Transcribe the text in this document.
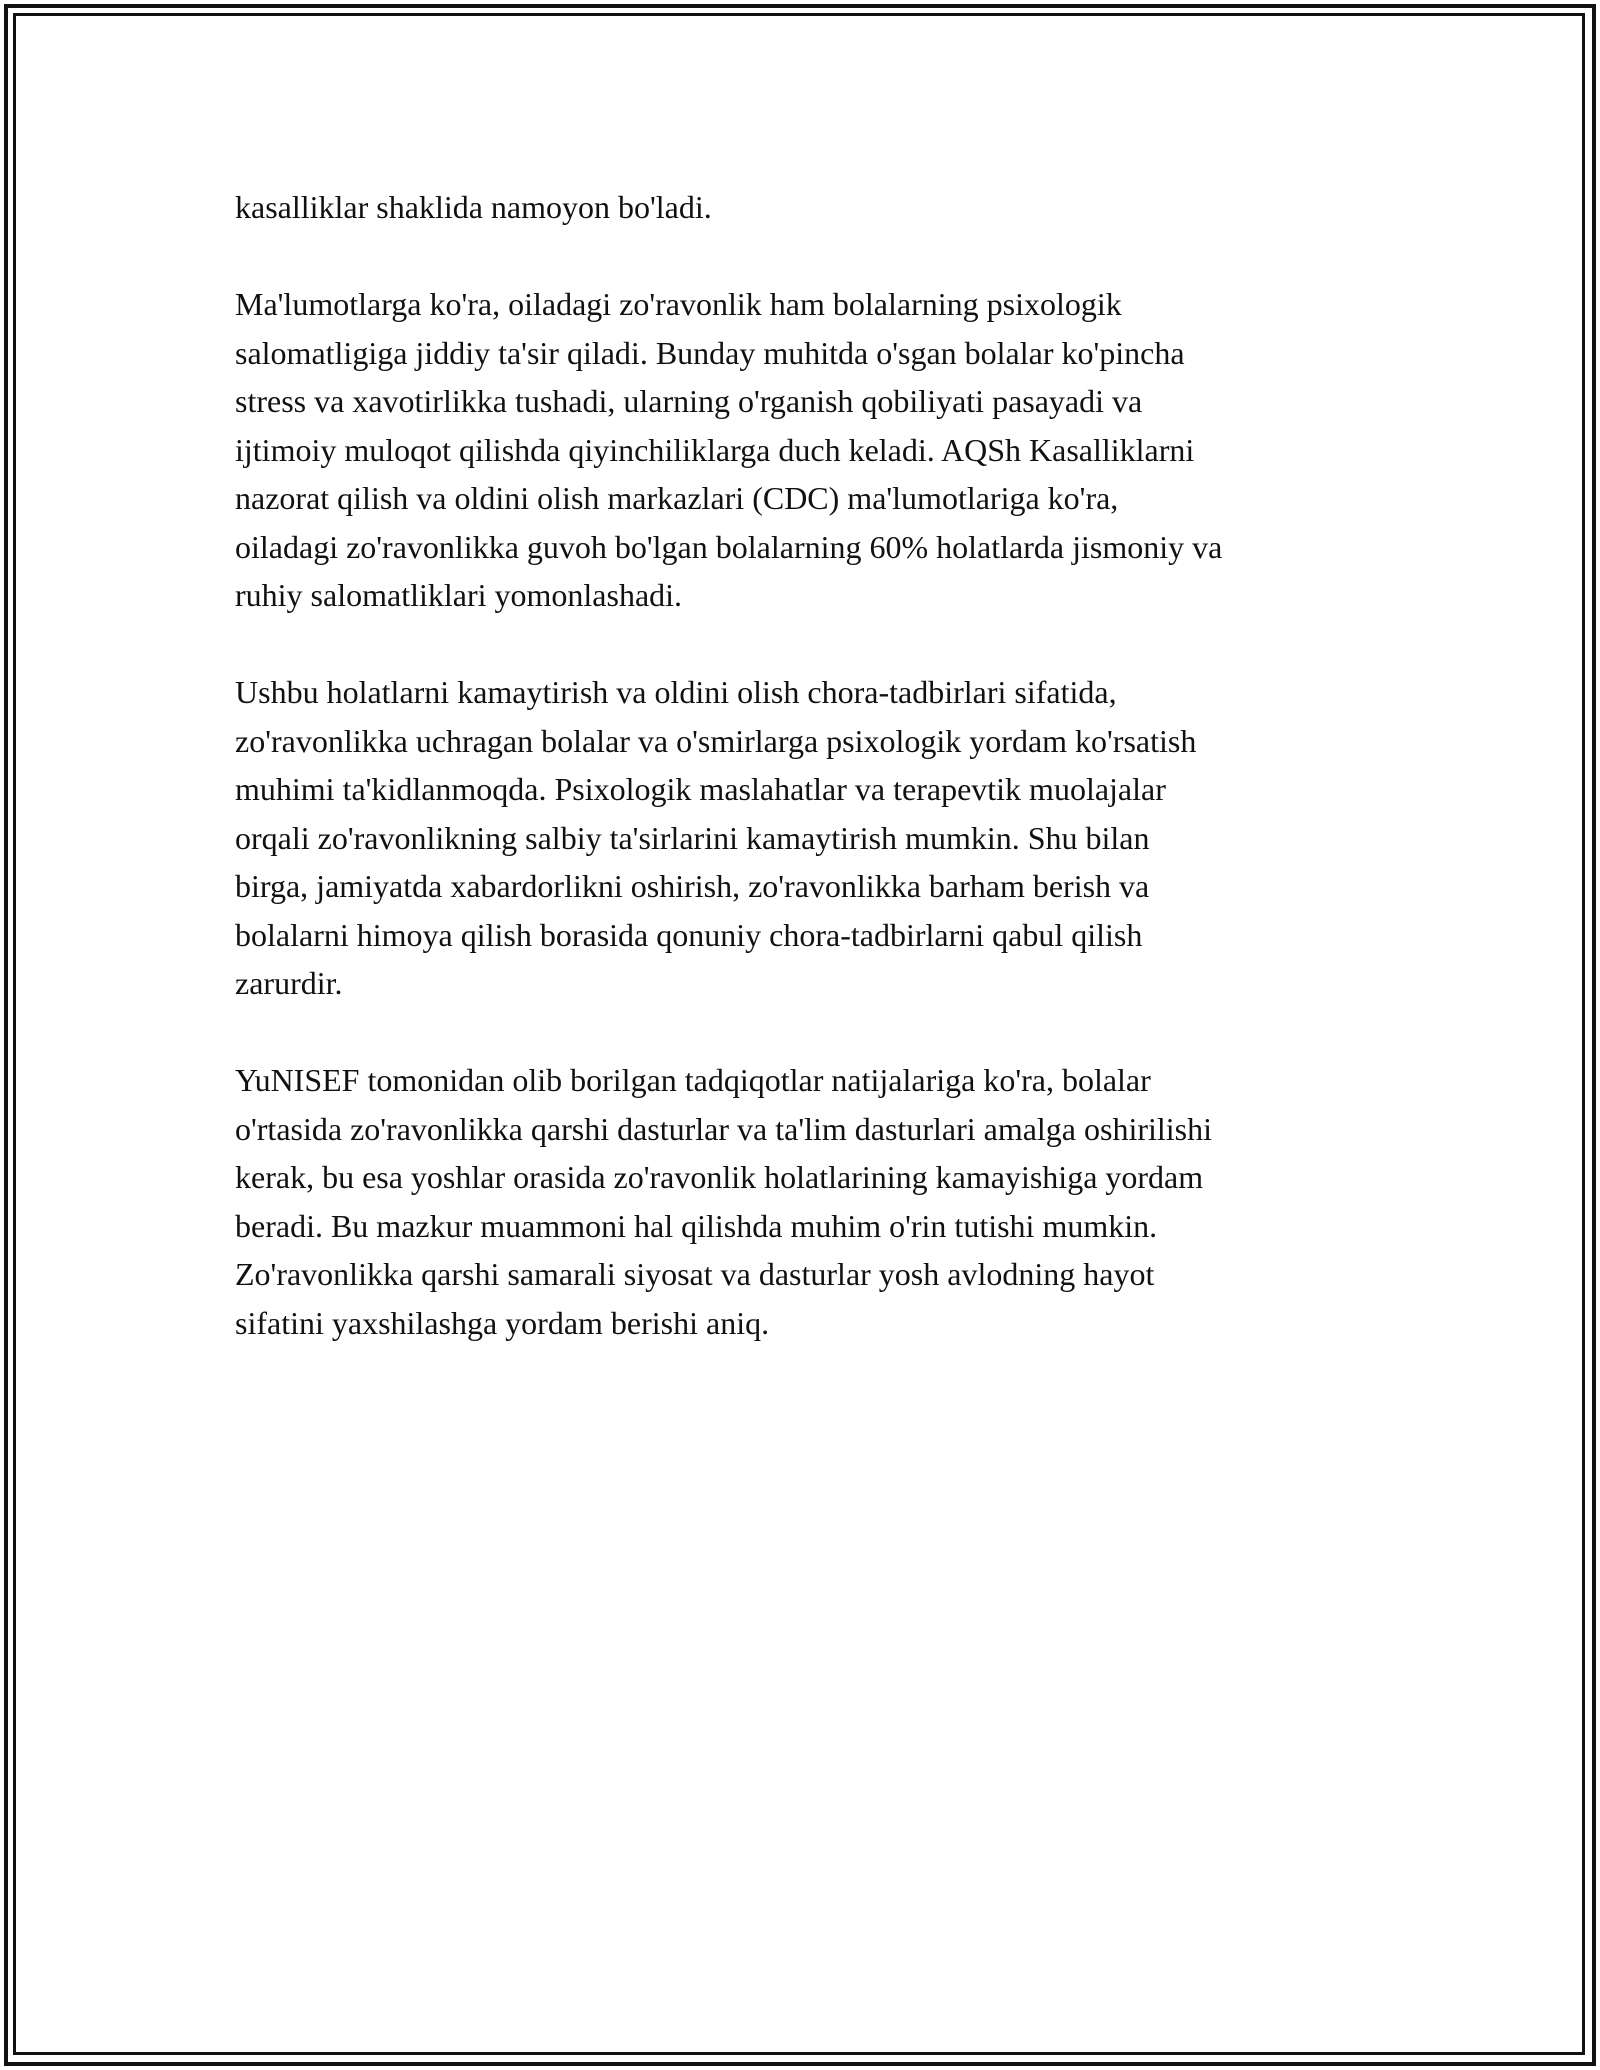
kasalliklar shaklida namoyon bo'ladi.

Ma'lumotlarga ko'ra, oiladagi zo'ravonlik ham bolalarning psixologik
salomatligiga jiddiy ta'sir qiladi. Bunday muhitda o'sgan bolalar ko'pincha
stress va xavotirlikka tushadi, ularning o'rganish qobiliyati pasayadi va
ijtimoiy muloqot qilishda qiyinchiliklarga duch keladi. AQSh Kasalliklarni
nazorat qilish va oldini olish markazlari (CDC) ma'lumotlariga ko'ra,
oiladagi zo'ravonlikka guvoh bo'lgan bolalarning 60% holatlarda jismoniy va
ruhiy salomatliklari yomonlashadi.

Ushbu holatlarni kamaytirish va oldini olish chora-tadbirlari sifatida,
zo'ravonlikka uchragan bolalar va o'smirlarga psixologik yordam ko'rsatish
muhimi ta'kidlanmoqda. Psixologik maslahatlar va terapevtik muolajalar
orqali zo'ravonlikning salbiy ta'sirlarini kamaytirish mumkin. Shu bilan
birga, jamiyatda xabardorlikni oshirish, zo'ravonlikka barham berish va
bolalarni himoya qilish borasida qonuniy chora-tadbirlarni qabul qilish
zarurdir.

YuNISEF tomonidan olib borilgan tadqiqotlar natijalariga ko'ra, bolalar
o'rtasida zo'ravonlikka qarshi dasturlar va ta'lim dasturlari amalga oshirilishi
kerak, bu esa yoshlar orasida zo'ravonlik holatlarining kamayishiga yordam
beradi. Bu mazkur muammoni hal qilishda muhim o'rin tutishi mumkin.
Zo'ravonlikka qarshi samarali siyosat va dasturlar yosh avlodning hayot
sifatini yaxshilashga yordam berishi aniq.
